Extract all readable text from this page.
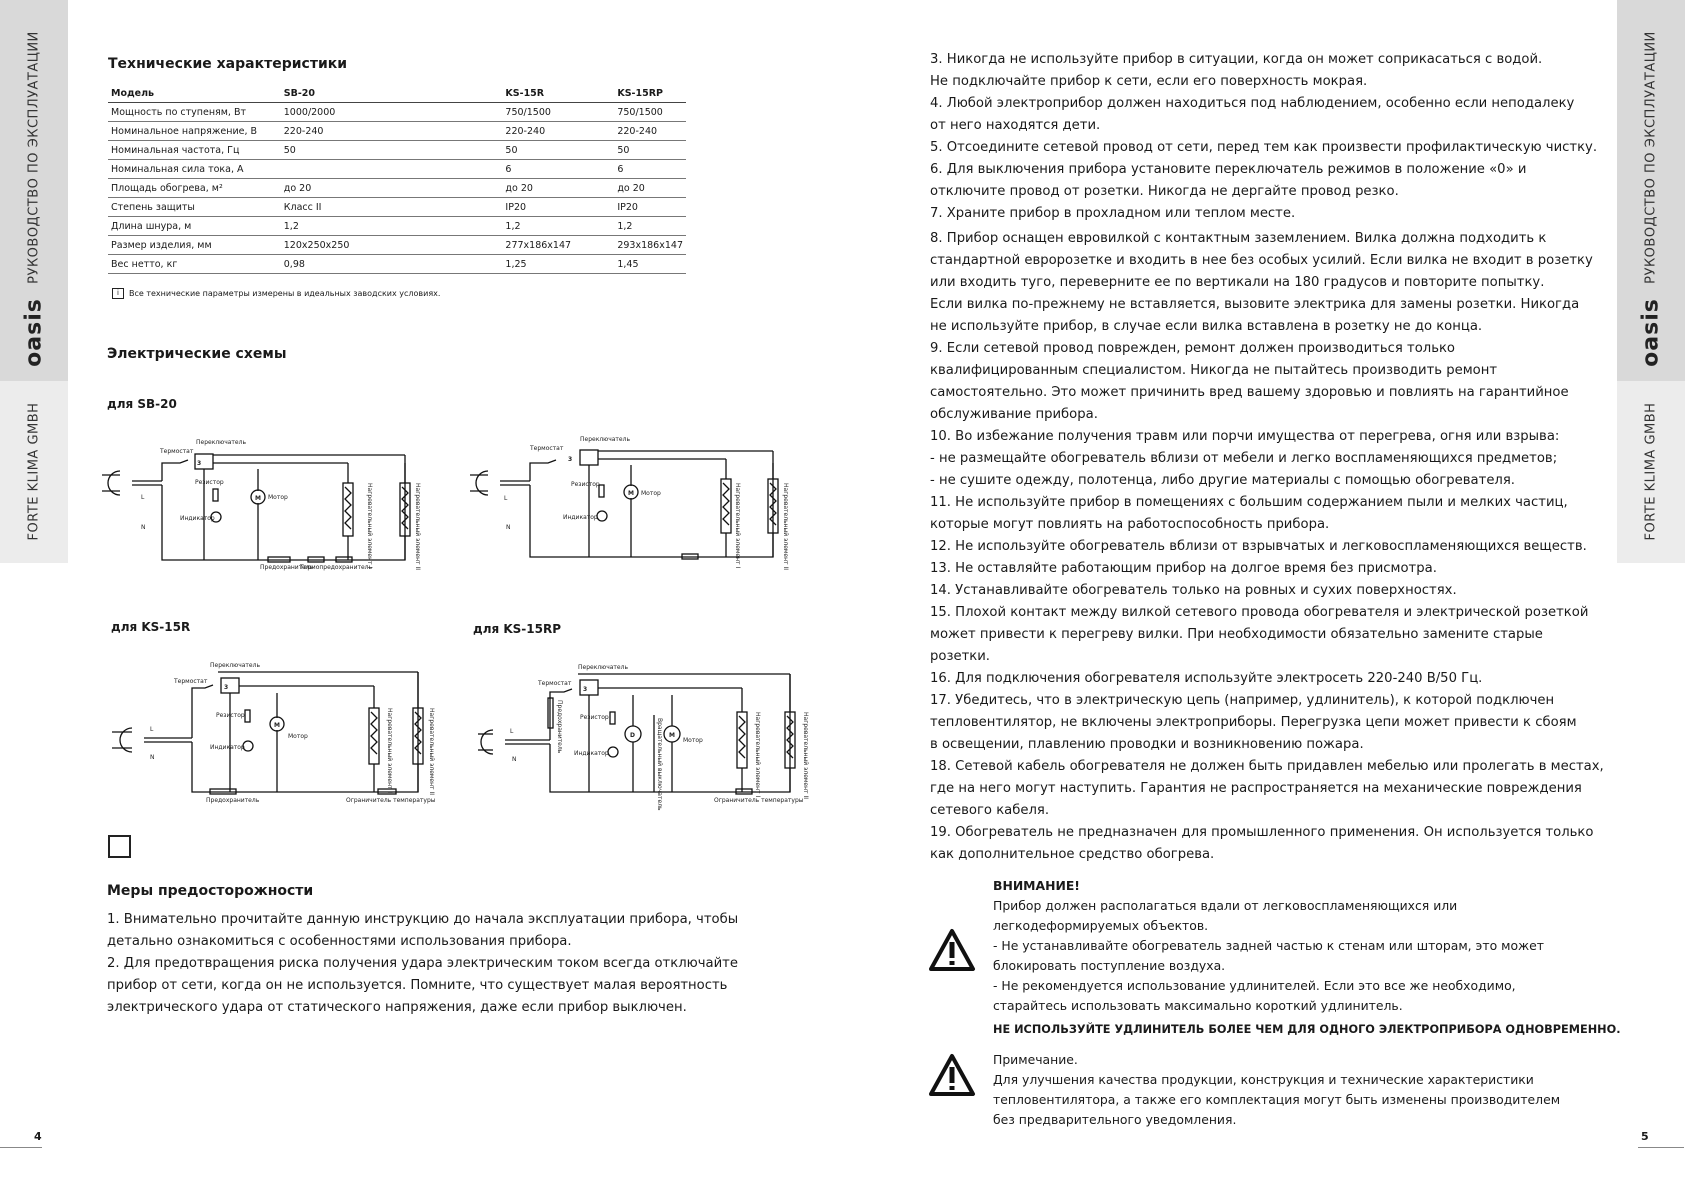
oasis
РУКОВОДСТВО ПО ЭКСПЛУАТАЦИИ
FORTE KLIMA GMBH
oasis
РУКОВОДСТВО ПО ЭКСПЛУАТАЦИИ
FORTE KLIMA GMBH
4	5
Технические характеристики
Модель	SB-20	KS-15R	KS-15RP
Мощность по ступеням, Вт	1000/2000	750/1500	750/1500
Номинальное напряжение, В	220-240	220-240	220-240
Номинальная частота, Гц	50	50	50
Номинальная сила тока, А		6	6
Площадь обогрева, м²	до 20	до 20	до 20
Степень защиты	Класс II	IP20	IP20
Длина шнура, м	1,2	1,2	1,2
Размер изделия, мм	120x250x250	277x186x147	293x186x147
Вес нетто, кг	0,98	1,25	1,45
i	Все технические параметры измерены в идеальных заводских условиях.
Электрические схемы
для SB-20
Переключатель
Термостат
Резистор
Индикатор
Мотор
M
3
L
N
Предохранитель
Термопредохранитель
Нагревательный элемент I	Нагревательный элемент II
Переключатель
Термостат
Резистор
Индикатор
Мотор
M
3
L
N	Нагревательный элемент I	Нагревательный элемент II
для KS-15R	для KS-15RP
Переключатель
Термостат
Резистор
Индикатор
Мотор
M
3
L
N
Предохранитель	Ограничитель температуры
Нагревательный элемент I	Нагревательный элемент II
Переключатель
Термостат
Резистор
Индикатор
Мотор
M
D
3
L
N
Ограничитель температуры
Предохранитель	Вращательный выключатель	Нагревательный элемент I	Нагревательный элемент II
Меры предосторожности

1. Внимательно прочитайте данную инструкцию до начала эксплуатации прибора, чтобы

детально ознакомиться с особенностями использования прибора.

2. Для предотвращения риска получения удара электрическим током всегда отключайте

прибор от сети, когда он не используется. Помните, что существует малая вероятность

электрического удара от статического напряжения, даже если прибор выключен.

3. Никогда не используйте прибор в ситуации, когда он может соприкасаться с водой.

Не подключайте прибор к сети, если его поверхность мокрая.

4. Любой электроприбор должен находиться под наблюдением, особенно если неподалеку

от него находятся дети.

5. Отсоедините сетевой провод от сети, перед тем как произвести профилактическую чистку.

6. Для выключения прибора установите переключатель режимов в положение «0» и

отключите провод от розетки. Никогда не дергайте провод резко.

7. Храните прибор в прохладном или теплом месте.

8. Прибор оснащен евровилкой с контактным заземлением. Вилка должна подходить к

стандартной евророзетке и входить в нее без особых усилий. Если вилка не входит в розетку

или входить туго, переверните ее по вертикали на 180 градусов и повторите попытку.

Если вилка по-прежнему не вставляется, вызовите электрика для замены розетки. Никогда

не используйте прибор, в случае если вилка вставлена в розетку не до конца.

9. Если сетевой провод поврежден, ремонт должен производиться только

квалифицированным специалистом. Никогда не пытайтесь производить ремонт

самостоятельно. Это может причинить вред вашему здоровью и повлиять на гарантийное

обслуживание прибора.

10. Во избежание получения травм или порчи имущества от перегрева, огня или взрыва:

- не размещайте обогреватель вблизи от мебели и легко воспламеняющихся предметов;

- не сушите одежду, полотенца, либо другие материалы с помощью обогревателя.

11. Не используйте прибор в помещениях с большим содержанием пыли и мелких частиц,

которые могут повлиять на работоспособность прибора.

12. Не используйте обогреватель вблизи от взрывчатых и легковоспламеняющихся веществ.

13. Не оставляйте работающим прибор на долгое время без присмотра.

14. Устанавливайте обогреватель только на ровных и сухих поверхностях.

15. Плохой контакт между вилкой сетевого провода обогревателя и электрической розеткой

может привести к перегреву вилки. При необходимости обязательно замените старые

розетки.

16. Для подключения обогревателя используйте электросеть 220-240 В/50 Гц.

17. Убедитесь, что в электрическую цепь (например, удлинитель), к которой подключен

тепловентилятор, не включены электроприборы. Перегрузка цепи может привести к сбоям

в освещении, плавлению проводки и возникновению пожара.

18. Сетевой кабель обогревателя не должен быть придавлен мебелью или пролегать в местах,

где на него могут наступить. Гарантия не распространяется на механические повреждения

сетевого кабеля.

19. Обогреватель не предназначен для промышленного применения. Он используется только

как дополнительное средство обогрева.

ВНИМАНИЕ!

Прибор должен располагаться вдали от легковоспламеняющихся или

легкодеформируемых объектов.

- Не устанавливайте обогреватель задней частью к стенам или шторам, это может

блокировать поступление воздуха.

- Не рекомендуется использование удлинителей. Если это все же необходимо,

старайтесь использовать максимально короткий удлинитель.

НЕ ИСПОЛЬЗУЙТЕ УДЛИНИТЕЛЬ БОЛЕЕ ЧЕМ ДЛЯ ОДНОГО ЭЛЕКТРОПРИБОРА ОДНОВРЕМЕННО.

Примечание.

Для улучшения качества продукции, конструкция и технические характеристики

тепловентилятора, а также его комплектация могут быть изменены производителем

без предварительного уведомления.
